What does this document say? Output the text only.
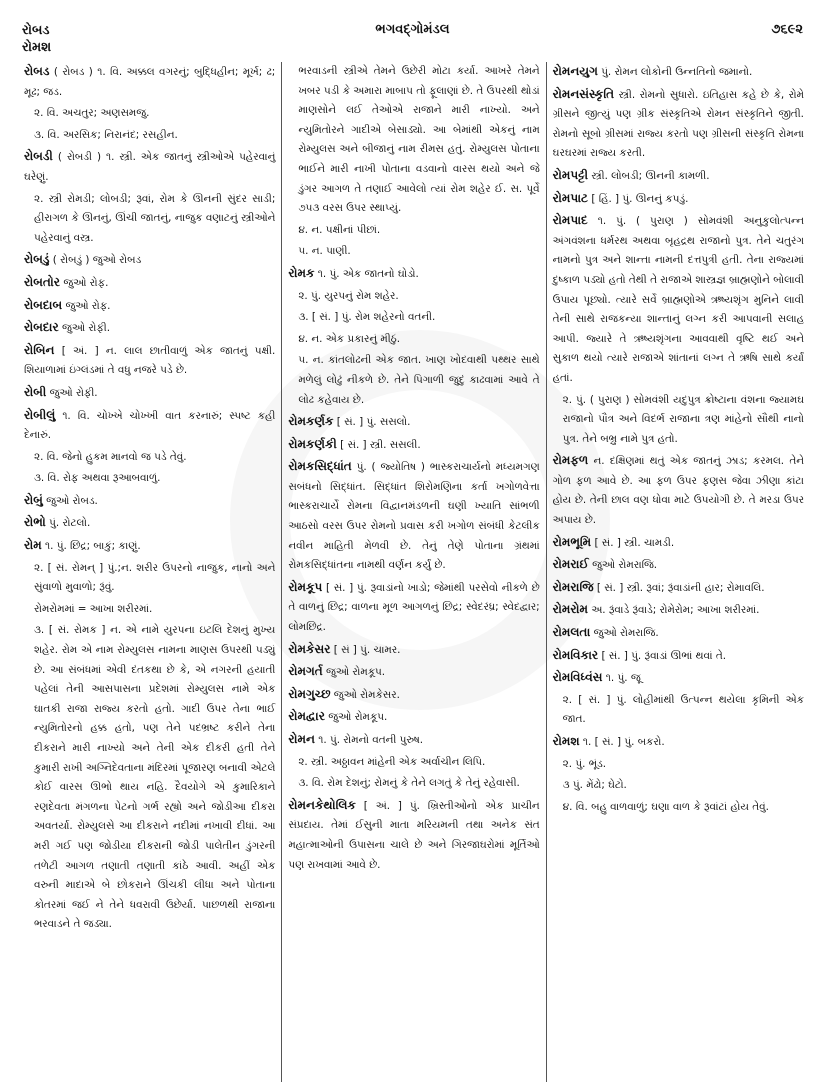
રોબડ
રોમશ
ભગવદ્ગોમંડલ	૭૬૯૨
રોબડ ( રોબડ ) ૧. વિ. અક્કલ વગરનું; બુદ્ધિહીન; મૂર્ખ; ઢ; મૂઢ; જડ.
૨. વિ. અચતુર; અણસમજુ.
૩. વિ. અરસિક; નિરાનંદ; રસહીન.
રોબડી ( રોબડી ) ૧. સ્ત્રી. એક જાતનું સ્ત્રીઓએ પહેરવાનું ઘરેણું.
૨. સ્ત્રી રોમડી; લોબડી; રૂવાં, રોમ કે ઊનની સુંદર સાડી; હીરાગળ કે ઊનનું, ઊંચી જાતનું, નાજુક વણાટનું સ્ત્રીઓને પહેરવાનું વસ્ત્ર.
રોબડું ( રોબડું ) જુઓ રોબડ
રોબતોર જુઓ રોફ.
રોબદાબ જુઓ રોફ.
રોબદાર જુઓ રોફી.
રોબિન [ અં. ] ન. લાલ છાતીવાળું એક જાતનું પક્ષી. શિયાળામાં ઇંગ્લંડમાં તે વધુ નજરે પડે છે.
રોબી જુઓ રોફી.
રોબીલું ૧. વિ. ચોખ્ખે ચોખ્ખી વાત કરનારું; સ્પષ્ટ કહી દેનારું.
૨. વિ. જેનો હુકમ માનવો જ પડે તેવું.
૩. વિ. રોફ અથવા રૂઆબવાળું.
રોબું જુઓ રોબડ.
રોભો પું. રોટલો.
રોમ ૧. પું. છિદ્ર; બાકું; કાણું.
૨. [ સં. રોમન્ ] પું.;ન. શરીર ઉપરનો નાજુક, નાનો અને સુંવાળો મુવાળો; રૂંવું.
રોમરોમમાં = આખા શરીરમાં.
૩. [ સં. રોમક ] ન. એ નામે યુરપના ઇટલિ દેશનું મુખ્ય શહેર. રોમ એ નામ રોમ્યુલસ નામના માણસ ઉપરથી પડ્યું છે. આ સંબંધમાં એવી દંતકથા છે કે, એ નગરની હયાતી પહેલાં તેની આસપાસના પ્રદેશમાં રોમ્યુલસ નામે એક ઘાતકી રાજા રાજ્ય કરતો હતો. ગાદી ઉપર તેના ભાઈ ન્યુમિતોરનો હક્ક હતો, પણ તેને પદભ્રષ્ટ કરીને તેના દીકરાને મારી નાખ્યો અને તેની એક દીકરી હતી તેને કુમારી રાખી અગ્નિદેવતાના મંદિરમાં પૂજારણ બનાવી એટલે કોઈ વારસ ઊભો થાય નહિ. દૈવયોગે એ કુમારિકાને રણદેવતા મંગળના પેટનો ગર્ભ રહ્યો અને જોડીઆ દીકરા અવતર્યા. રોમ્યુલસે આ દીકરાને નદીમાં નખાવી દીધાં. આ મરી ગઈ પણ જોડીયા દીકરાની જોડી પાલેતીન ડુંગરની તળેટી આગળ તણાતી તણાતી કાંઠે આવી. અહીં એક વરુની માદાએ બે છોકરાને ઊંચકી લીધા અને પોતાના કોતરમાં જઈ ને તેને ધવરાવી ઉછેર્યા. પાછળથી રાજાના ભરવાડને તે જડ્યા.
ભરવાડની સ્ત્રીએ તેમને ઉછેરી મોટા કર્યા. આખરે તેમને ખબર પડી કે અમારા માબાપ તો ફૂલાણાં છે. તે ઉપરથી થોડાં માણસોને લઈ તેઓએ રાજાને મારી નાખ્યો. અને ન્યુમિતોરને ગાદીએ બેસાડ્યો. આ બેમાંથી એકનું નામ રોમ્યુલસ અને બીજાનું નામ રીમસ હતું. રોમ્યુલસ પોતાના ભાઈને મારી નાખી પોતાના વડવાનો વારસ થયો અને જે ડુંગર આગળ તે તણાઈ આવેલો ત્યાં રોમ શહેર ઈ. સ. પૂર્વે ૭૫૩ વરસ ઉપર સ્થાપ્યું.
૪. ન. પક્ષીનાં પીછાં.
૫. ન. પાણી.
રોમક ૧. પું. એક જાતનો ઘોડો.
૨. પું. યુરપનું રોમ શહેર.
૩. [ સં. ] પું. રોમ શહેરનો વતની.
૪. ન. એક પ્રકારનું મીઠું.
૫. ન. કાંતલોઢની એક જાત. ખાણ ખોદવાથી પથ્થર સાથે મળેલું લોઢું નીકળે છે. તેને પિગાળી જુદું કાઢવામાં આવે તે લોઢ કહેવાય છે.
રોમકર્ણક [ સં. ] પું. સસલો.
રોમકર્ણકી [ સં. ] સ્ત્રી. સસલી.
રોમકસિદ્ધાંત પું. ( જ્યોતિષ ) ભાસ્કરાચાર્યનો મધ્યમગણ સબંધનો સિદ્ધાંત. સિદ્ધાંત શિરોમણિના કર્તા ખગોળવેત્તા ભાસ્કરાચાર્યે રોમના વિદ્વાનમંડળની ઘણી ખ્યાતિ સાંભળી આઠસો વરસ ઉપર રોમનો પ્રવાસ કરી ખગોળ સંબંધી કેટલીક નવીન માહિતી મેળવી છે. તેનું તેણે પોતાના ગ્રંથમાં રોમકસિદ્ધાંતના નામથી વર્ણન કર્યું છે.
રોમકૂપ [ સં. ] પું. રૂવાડાંનો ખાડો; જેમાંથી પરસેવો નીકળે છે તે વાળનું છિદ્ર; વાળના મૂળ આગળનું છિદ્ર; સ્વેદરંધ્ર; સ્વેદદ્વાર; લોમછિદ્ર.
રોમકેસર [ સં ] પું. ચામર.
રોમગર્ત જુઓ રોમકૂપ.
રોમગુચ્છ જુઓ રોમકેસર.
રોમદ્વાર જુઓ રોમકૂપ.
રોમન ૧. પું. રોમનો વતની પુરુષ.
૨. સ્ત્રી. અઠ્ઠાવન માંહેની એક અર્વાચીન લિપિ.
૩. વિ. રોમ દેશનું; રોમનું કે તેને લગતું કે તેનું રહેવાસી.
રોમનકેથોલિક [ અં. ] પું. ખ્રિસ્તીઓનો એક પ્રાચીન સંપ્રદાય. તેમાં ઈસુની માતા મરિયમની તથા અનેક સંત મહાત્માઓની ઉપાસના ચાલે છે અને ગિરજાઘરોમાં મૂર્તિઓ પણ રાખવામાં આવે છે.
રોમનયુગ પું. રોમન લોકોની ઉન્નતિનો જમાનો.
રોમનસંસ્કૃતિ સ્ત્રી. રોમનો સુધારો. ઇતિહાસ કહે છે કે, રોમે ગ્રીસને જીત્યું પણ ગ્રીક સંસ્કૃતિએ રોમન સંસ્કૃતિને જીતી. રોમનો સૂબો ગ્રીસમાં રાજ્ય કરતો પણ ગ્રીસની સંસ્કૃતિ રોમના ઘરઘરમાં રાજ્ય કરતી.
રોમપટ્ટી સ્ત્રી. લોબડી; ઊનની કામળી.
રોમપાટ [ હિં. ] પું. ઊનનું કપડું.
રોમપાદ ૧. પું. ( પુરાણ ) સોમવંશી અનુકુલોત્પન્ન અંગવંશના ધર્મરથ અથવા બૃહદ્રથ રાજાનો પુત્ર. તેને ચતુરંગ નામનો પુત્ર અને શાન્તા નામની દત્તપુત્રી હતી. તેના રાજ્યમાં દુષ્કાળ પડ્યો હતો તેથી તે રાજાએ શાસ્ત્રજ્ઞ બ્રાહ્મણોને બોલાવી ઉપાય પૂછ્યો. ત્યારે સર્વે બ્રાહ્મણોએ ઋષ્યશૃંગ મુનિને લાવી તેની સાથે રાજકન્યા શાન્તાનું લગ્ન કરી આપવાની સલાહ આપી. જ્યારે તે ઋષ્યશૃંગના આવવાથી વૃષ્ટિ થઈ અને સુકાળ થયો ત્યારે રાજાએ શાંતાનાં લગ્ન તે ઋષિ સાથે કર્યાં હતાં.
૨. પું. ( પુરાણ ) સોમવંશી યદુપુત્ર ક્રોષ્ટાના વંશના જ્યામઘ રાજાનો પૌત્ર અને વિદર્ભ રાજાના ત્રણ માંહેનો સૌથી નાનો પુત્ર. તેને બભ્રુ નામે પુત્ર હતો.
રોમફળ ન. દક્ષિણમાં થતું એક જાતનું ઝાડ; કરમલ. તેને ગોળ ફળ આવે છે. આ ફળ ઉપર ફણસ જેવા ઝીણા કાંટા હોય છે. તેની છાલ વણ ધોવા માટે ઉપયોગી છે. તે મરડા ઉપર અપાય છે.
રોમભૂમિ [ સં. ] સ્ત્રી. ચામડી.
રોમરાઈ જુઓ રોમરાજિ.
રોમરાજિ [ સં. ] સ્ત્રી. રૂવાં; રૂંવાડાંની હાર; રોમાવલિ.
રોમરોમ અ. રૂંવાડે રૂંવાડે; રોમેરોમ; આખા શરીરમાં.
રોમલતા જુઓ રોમરાજિ.
રોમવિકાર [ સં. ] પું. રૂંવાડાં ઊભાં થવાં તે.
રોમવિધ્વંસ ૧. પું. જૂ
૨. [ સં. ] પું. લોહીમાંથી ઉત્પન્ન થયેલા કૃમિની એક જાત.
રોમશ ૧. [ સં. ] પું. બકરો.
૨. પું. ભૂંડ.
૩ પું. મેંઢો; ઘેટો.
૪. વિ. બહુ વાળવાળું; ઘણા વાળ કે રૂવાંટાં હોય તેવું.
